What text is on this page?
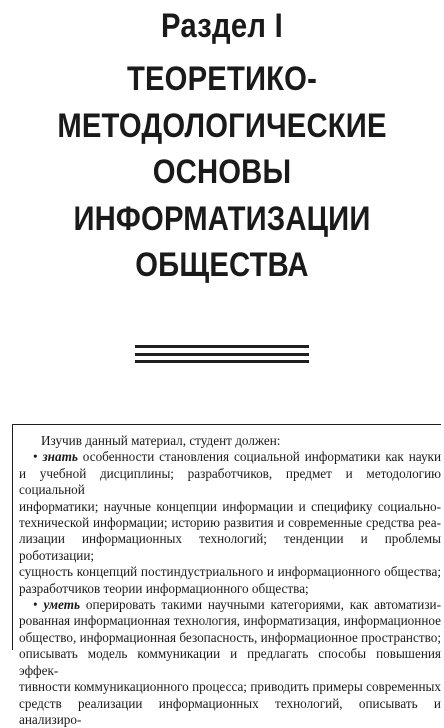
Раздел I
ТЕОРЕТИКО-
МЕТОДОЛОГИЧЕСКИЕ
ОСНОВЫ
ИНФОРМАТИЗАЦИИ
ОБЩЕСТВА

Изучив данный материал, студент должен:

• знать особенности становления социальной информатики как науки
и учебной дисциплины; разработчиков, предмет и методологию социальной
информатики; научные концепции информации и специфику социально-
технической информации; историю развития и современные средства реа-
лизации информационных технологий; тенденции и проблемы роботизации;
сущность концепций постиндустриального и информационного общества;
разработчиков теории информационного общества;
• уметь оперировать такими научными категориями, как автоматизи-
рованная информационная технология, информатизация, информационное
общество, информационная безопасность, информационное пространство;
описывать модель коммуникации и предлагать способы повышения эффек-
тивности коммуникационного процесса; приводить примеры современных
средств реализации информационных технологий, описывать и анализиро-
